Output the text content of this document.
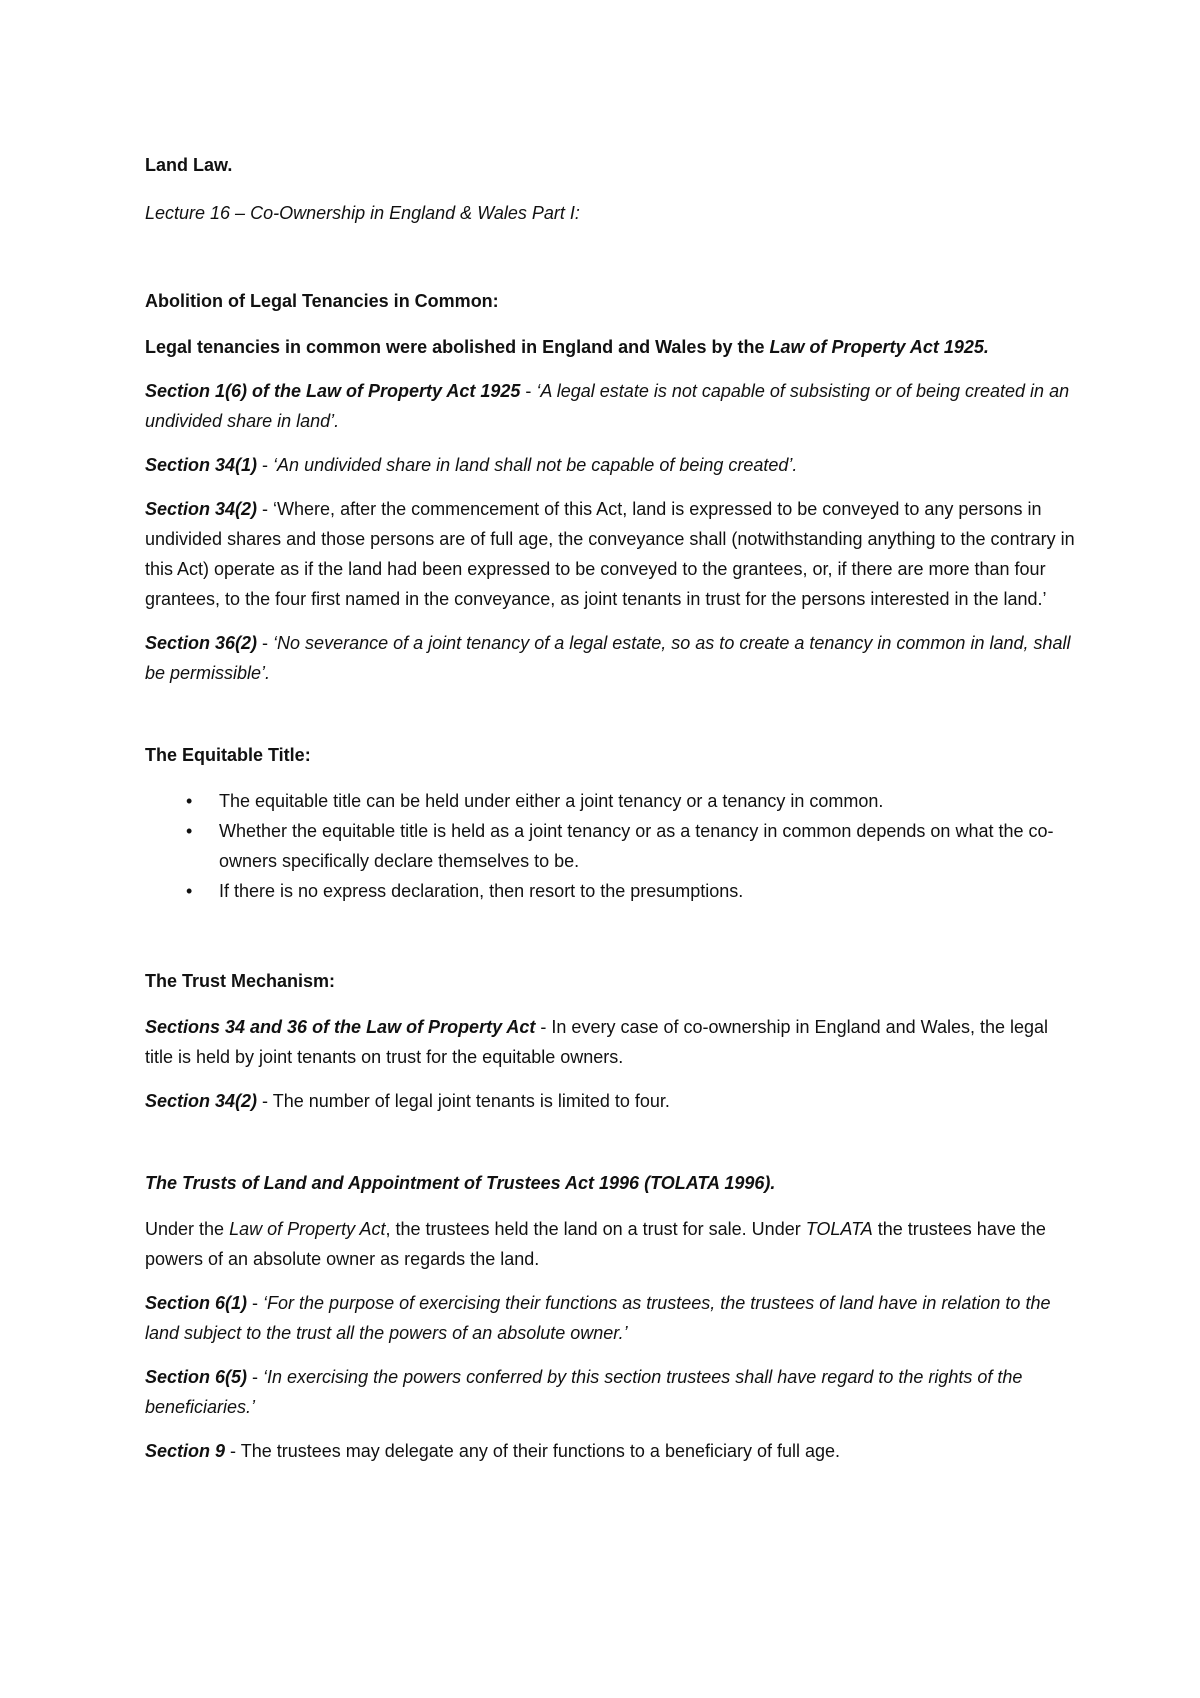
Land Law.

Lecture 16 – Co-Ownership in England & Wales Part I:

Abolition of Legal Tenancies in Common:

Legal tenancies in common were abolished in England and Wales by the Law of Property Act 1925.

Section 1(6) of the Law of Property Act 1925 - ‘A legal estate is not capable of subsisting or of being created in an undivided share in land’.

Section 34(1) - ‘An undivided share in land shall not be capable of being created’.

Section 34(2) - ‘Where, after the commencement of this Act, land is expressed to be conveyed to any persons in undivided shares and those persons are of full age, the conveyance shall (notwithstanding anything to the contrary in this Act) operate as if the land had been expressed to be conveyed to the grantees, or, if there are more than four grantees, to the four first named in the conveyance, as joint tenants in trust for the persons interested in the land.’

Section 36(2) - ‘No severance of a joint tenancy of a legal estate, so as to create a tenancy in common in land, shall be permissible’.

The Equitable Title:

• The equitable title can be held under either a joint tenancy or a tenancy in common.
• Whether the equitable title is held as a joint tenancy or as a tenancy in common depends on what the co-owners specifically declare themselves to be.
• If there is no express declaration, then resort to the presumptions.

The Trust Mechanism:

Sections 34 and 36 of the Law of Property Act - In every case of co-ownership in England and Wales, the legal title is held by joint tenants on trust for the equitable owners.

Section 34(2) - The number of legal joint tenants is limited to four.

The Trusts of Land and Appointment of Trustees Act 1996 (TOLATA 1996).

Under the Law of Property Act, the trustees held the land on a trust for sale. Under TOLATA the trustees have the powers of an absolute owner as regards the land.

Section 6(1) - ‘For the purpose of exercising their functions as trustees, the trustees of land have in relation to the land subject to the trust all the powers of an absolute owner.’

Section 6(5) - ‘In exercising the powers conferred by this section trustees shall have regard to the rights of the beneficiaries.’

Section 9 - The trustees may delegate any of their functions to a beneficiary of full age.
